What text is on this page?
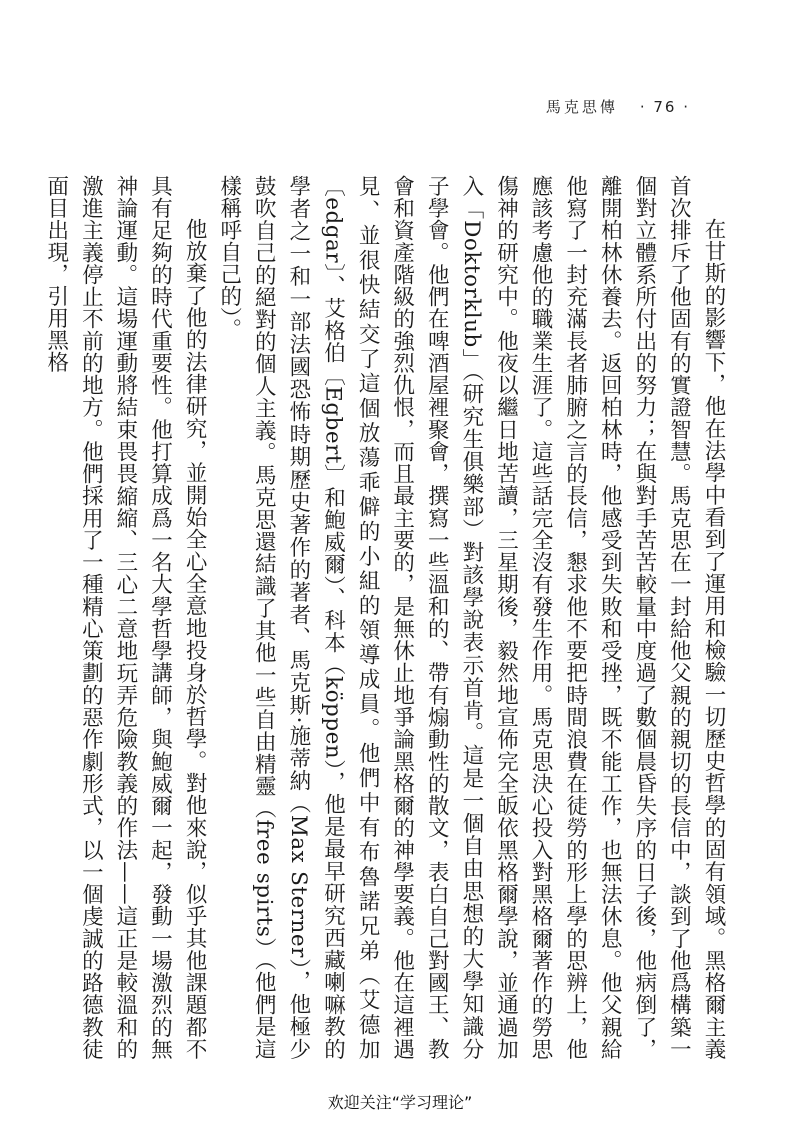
馬克思傳 · 76 ·

在甘斯的影響下，他在法學中看到了運用和檢驗一切歷史哲學的固有領域。黑格爾主義首次排斥了他固有的實證智慧。馬克思在一封給他父親的親切的長信中，談到了他爲構築一個對立體系所付出的努力；在與對手苦苦較量中度過了數個晨昏失序的日子後，他病倒了，離開柏林休養去。返回柏林時，他感受到失敗和受挫，既不能工作，也無法休息。他父親給他寫了一封充滿長者肺腑之言的長信，懇求他不要把時間浪費在徒勞的形上學的思辨上，他應該考慮他的職業生涯了。這些話完全沒有發生作用。馬克思決心投入對黑格爾著作的勞思傷神的研究中。他夜以繼日地苦讀，三星期後，毅然地宣佈完全皈依黑格爾學說，並通過加入「Doktorklub」（研究生俱樂部）對該學說表示首肯。這是一個自由思想的大學知識分子學會。他們在啤酒屋裡聚會，撰寫一些溫和的、帶有煽動性的散文，表白自己對國王、教會和資產階級的強烈仇恨，而且最主要的，是無休止地爭論黑格爾的神學要義。他在這裡遇見、並很快結交了這個放蕩乖僻的小組的領導成員。他們中有布魯諾兄弟（艾德加〔edgar〕、艾格伯〔Egbert〕和鮑威爾）、科本（köppen），他是最早研究西藏喇嘛教的學者之一和一部法國恐怖時期歷史著作的著者、馬克斯·施蒂納（Max Sterner），他極少鼓吹自己的絕對的個人主義。馬克思還結識了其他一些自由精靈（free spirts）（他們是這樣稱呼自己的）。

他放棄了他的法律研究，並開始全心全意地投身於哲學。對他來說，似乎其他課題都不具有足夠的時代重要性。他打算成爲一名大學哲學講師，與鮑威爾一起，發動一場激烈的無神論運動。這場運動將結束畏畏縮縮、三心二意地玩弄危險教義的作法——這正是較溫和的激進主義停止不前的地方。他們採用了一種精心策劃的惡作劇形式，以一個虔誠的路德教徒面目出現，引用黑格

欢迎关注“学习理论”
